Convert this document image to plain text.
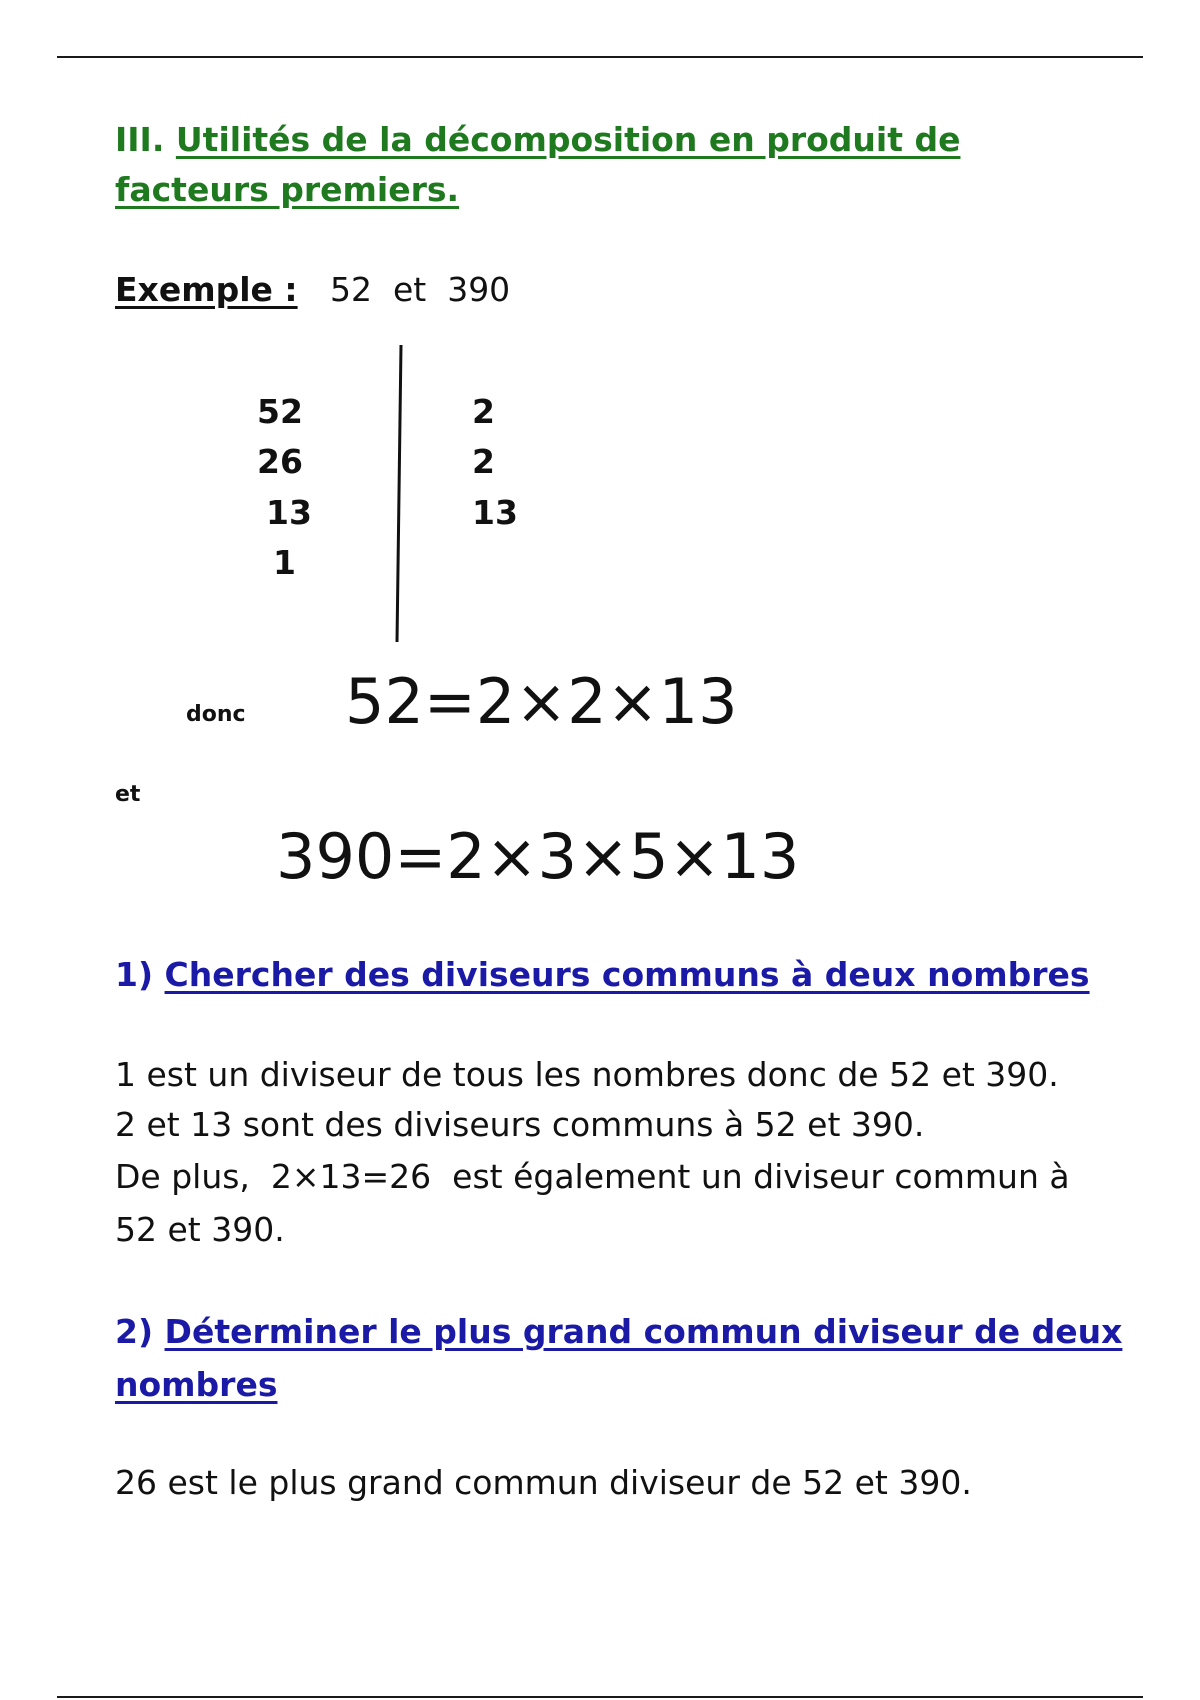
III. Utilités de la décomposition en produit de
facteurs premiers.
Exemple : 52  et  390
52
26
13
1
2
2
13
donc 52=2×2×13
et
390=2×3×5×13
1) Chercher des diviseurs communs à deux nombres
1 est un diviseur de tous les nombres donc de 52 et 390.
2 et 13 sont des diviseurs communs à 52 et 390.
De plus,  2×13=26  est également un diviseur commun à
52 et 390.
2) Déterminer le plus grand commun diviseur de deux
nombres
26 est le plus grand commun diviseur de 52 et 390.
